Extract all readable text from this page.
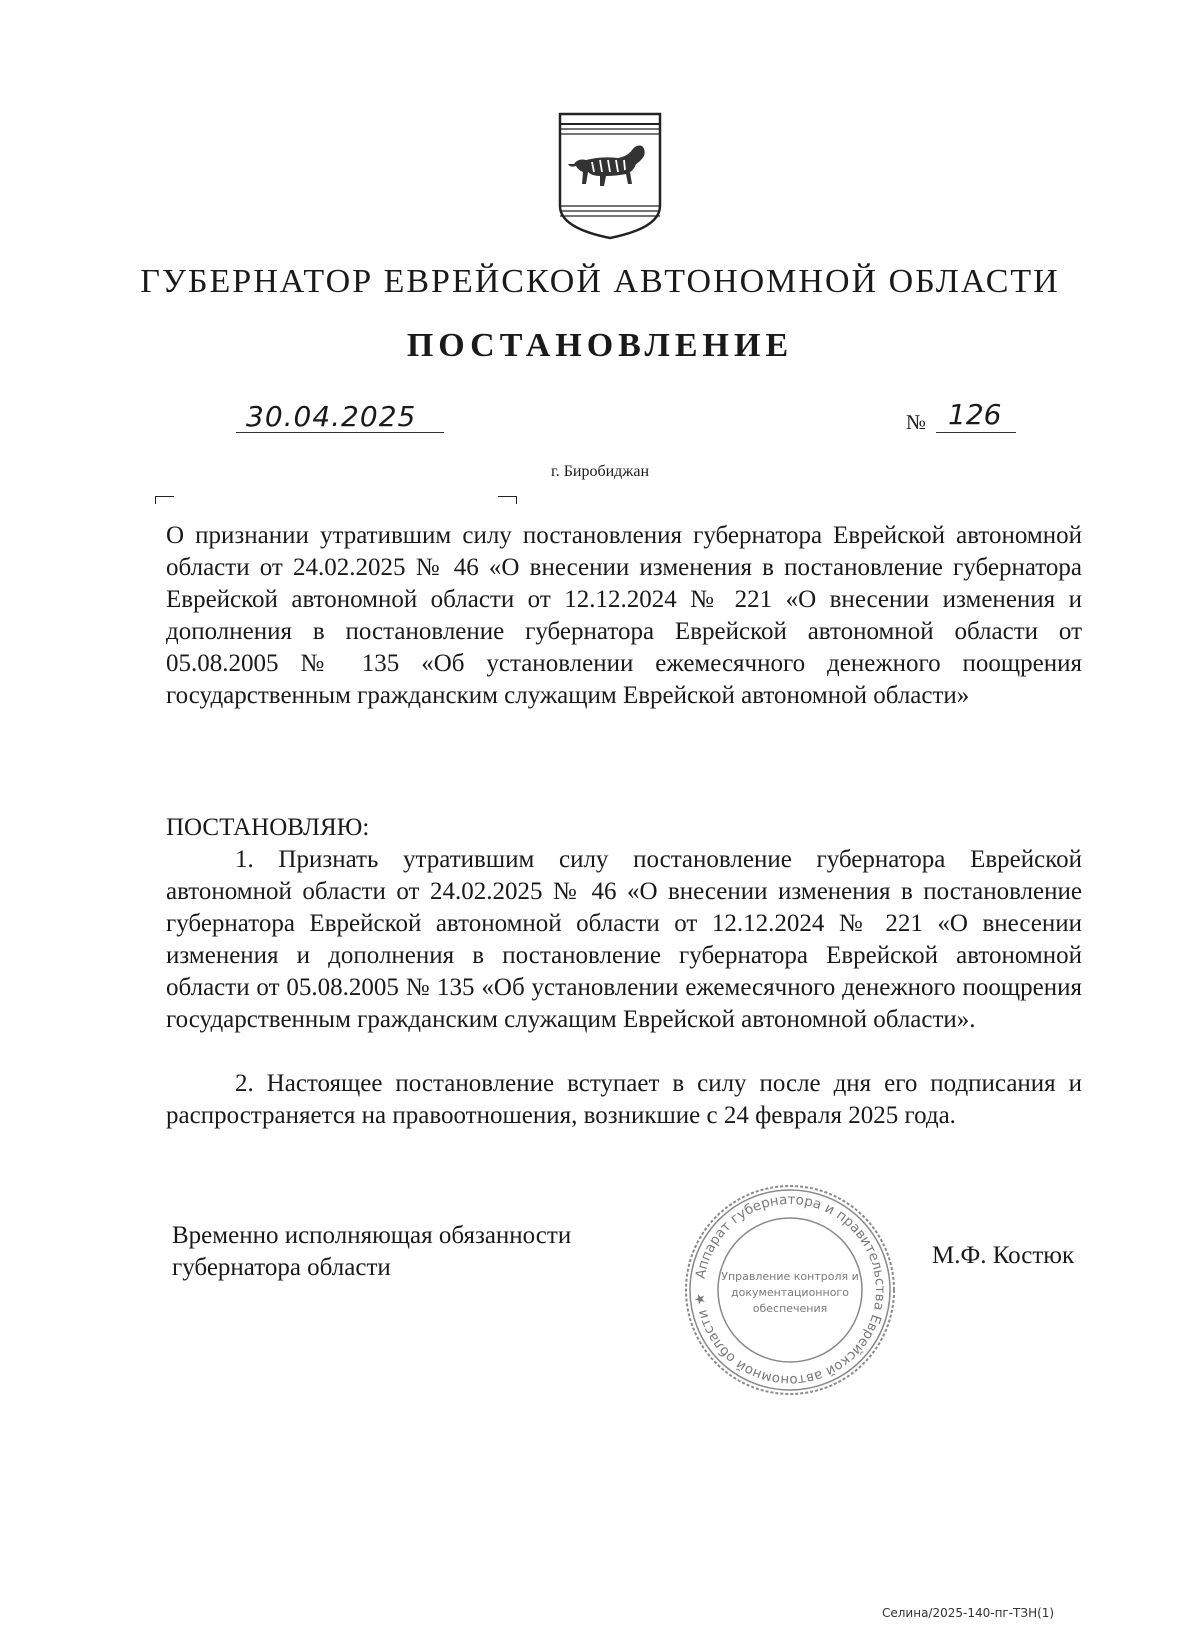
ГУБЕРНАТОР ЕВРЕЙСКОЙ АВТОНОМНОЙ ОБЛАСТИ
ПОСТАНОВЛЕНИЕ
30.04.2025	№ 126
г. Биробиджан
О признании утратившим силу постановления губернатора Еврейской автономной области от 24.02.2025 № 46 «О внесении изменения в постановление губернатора Еврейской автономной области от 12.12.2024 № 221 «О внесении изменения и дополнения в постановление губернатора Еврейской автономной области от 05.08.2005 № 135 «Об установлении ежемесячного денежного поощрения государственным гражданским служащим Еврейской автономной области»
ПОСТАНОВЛЯЮ:
1. Признать утратившим силу постановление губернатора Еврейской автономной области от 24.02.2025 № 46 «О внесении изменения в постановление губернатора Еврейской автономной области от 12.12.2024 № 221 «О внесении изменения и дополнения в постановление губернатора Еврейской автономной области от 05.08.2005 № 135 «Об установлении ежемесячного денежного поощрения государственным гражданским служащим Еврейской автономной области».
2. Настоящее постановление вступает в силу после дня его подписания и распространяется на правоотношения, возникшие с 24 февраля 2025 года.
Временно исполняющая обязанности губернатора области	М.Ф. Костюк
Аппарат губернатора и правительства Еврейской автономной области ★
Управление контроля и
документационного
обеспечения
Селина/2025-140-пг-ТЗН(1)
